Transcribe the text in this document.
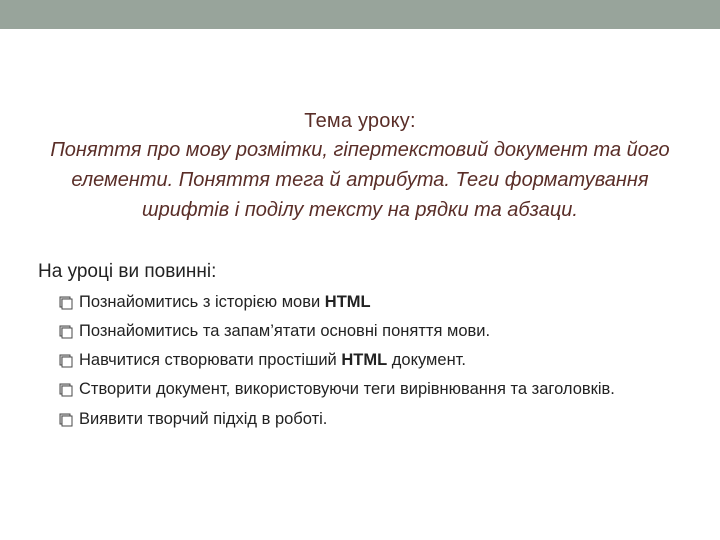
Тема уроку:
Поняття про мову розмітки, гіпертекстовий документ та його елементи. Поняття тега й атрибута. Теги форматування шрифтів і поділу тексту на рядки та абзаци.
На уроці ви повинні:
Познайомитись з історією мови HTML
Познайомитись та запам’ятати основні поняття мови.
Навчитися створювати простіший HTML документ.
Створити документ, використовуючи теги вирівнювання та заголовків.
Виявити творчий підхід в роботі.
